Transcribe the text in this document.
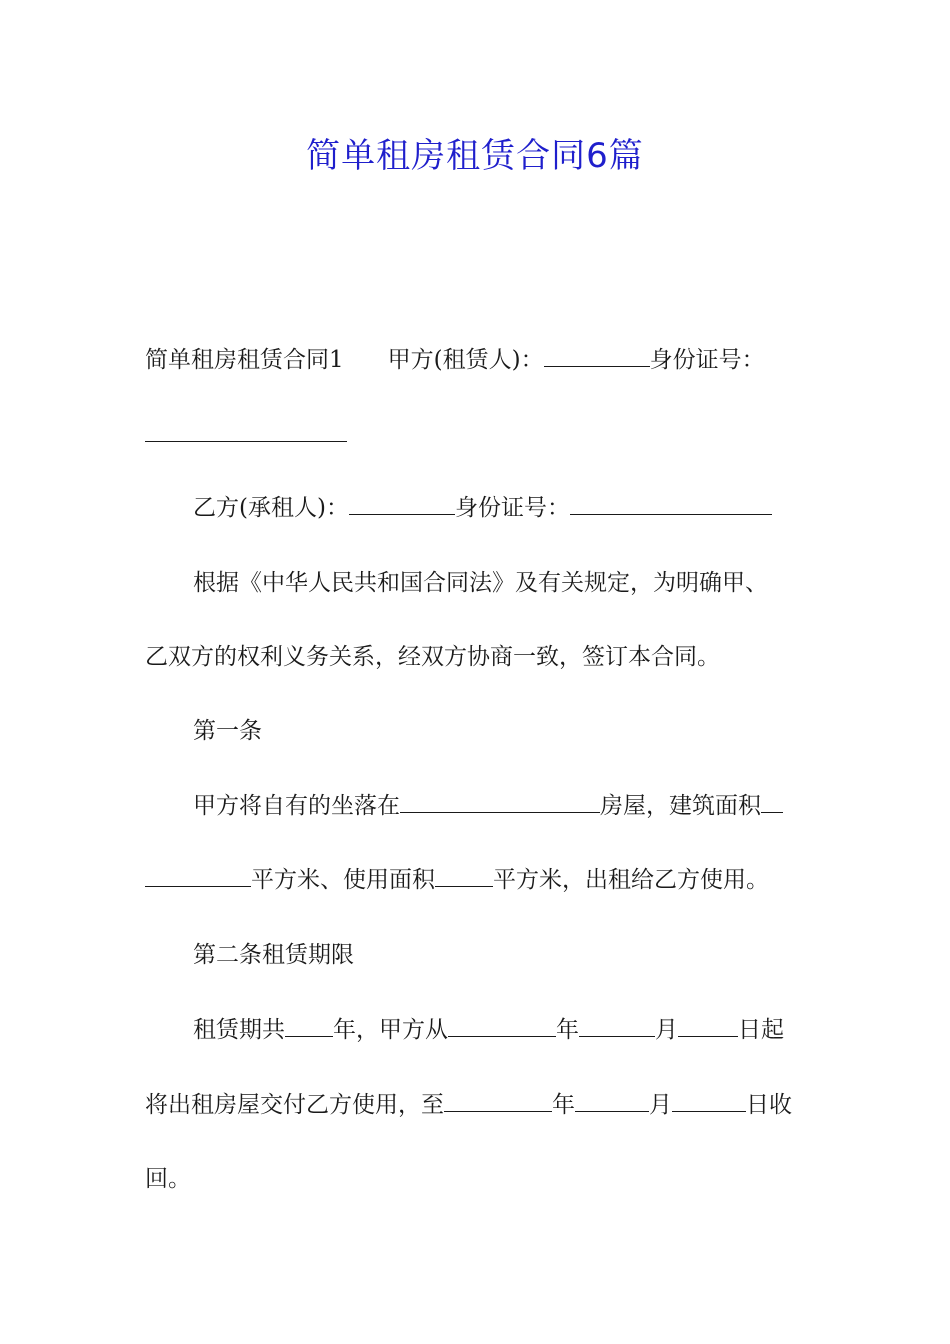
简单租房租赁合同6篇
简单租房租赁合同1 甲方(租赁人)：	身份证号：
乙方(承租人)：	身份证号：
根据《中华人民共和国合同法》及有关规定，为明确甲、
乙双方的权利义务关系，经双方协商一致，签订本合同。
第一条
甲方将自有的坐落在	房屋，建筑面积
平方米、使用面积	平方米，出租给乙方使用。
第二条租赁期限
租赁期共 年，甲方从	年	月	日起
将出租房屋交付乙方使用，至	年	月	日收
回。
